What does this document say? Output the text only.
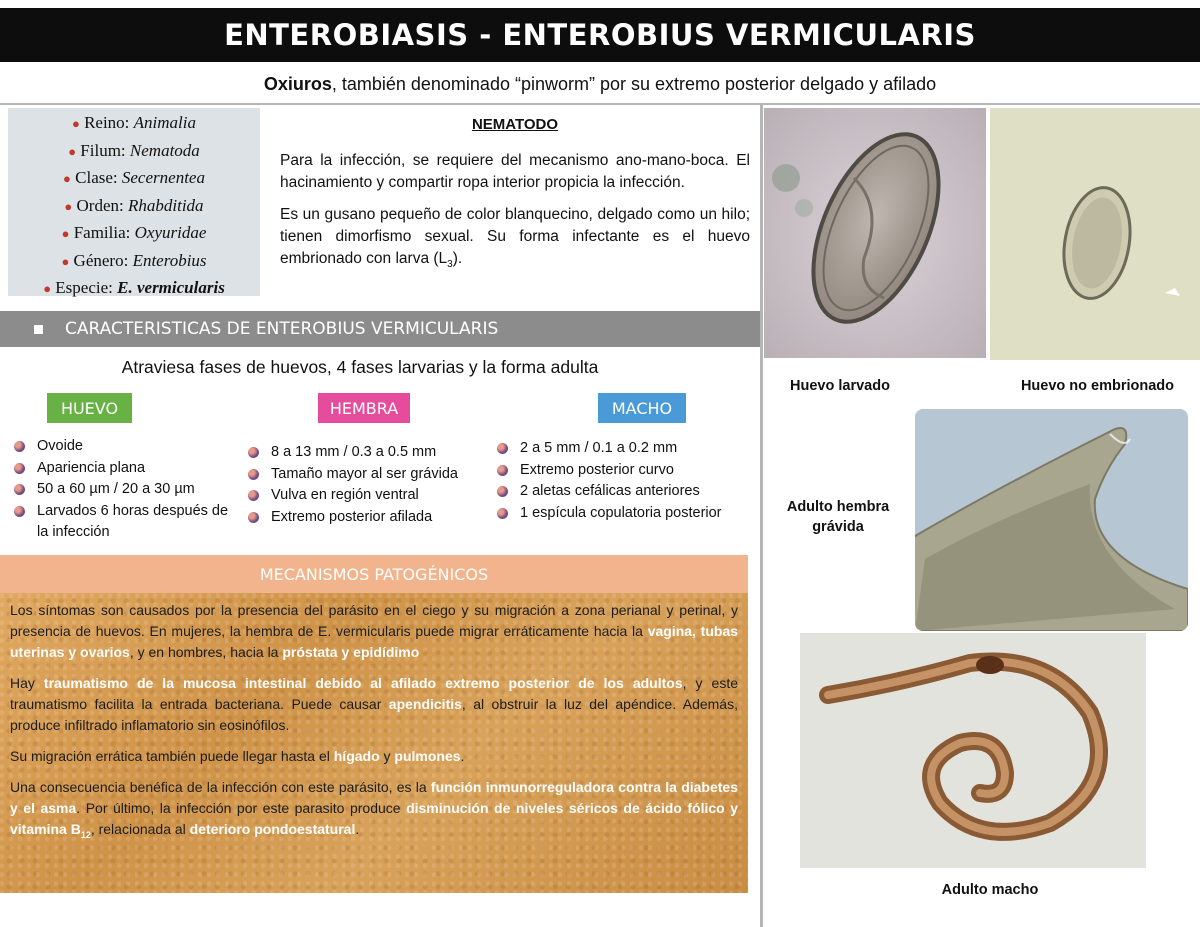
ENTEROBIASIS - ENTEROBIUS VERMICULARIS
Oxiuros, también denominado “pinworm” por su extremo posterior delgado y afilado
● Reino: Animalia
● Filum: Nematoda
● Clase: Secernentea
● Orden: Rhabditida
● Familia: Oxyuridae
● Género: Enterobius
● Especie: E. vermicularis
NEMATODO

Para la infección, se requiere del mecanismo ano-mano-boca. El hacinamiento y compartir ropa interior propicia la infección.

Es un gusano pequeño de color blanquecino, delgado como un hilo; tienen dimorfismo sexual. Su forma infectante es el huevo embrionado con larva $(L_3)$.

CARACTERISTICAS DE ENTEROBIUS VERMICULARIS
Atraviesa fases de huevos, 4 fases larvarias y la forma adulta
HUEVO	HEMBRA	MACHO
Ovoide
Apariencia plana
50 a 60 µm / 20 a 30 µm
Larvados 6 horas después de la infección
8 a 13 mm / 0.3 a 0.5 mm
Tamaño mayor al ser grávida
Vulva en región ventral
Extremo posterior afilada
2 a 5 mm / 0.1 a 0.2 mm
Extremo posterior curvo
2 aletas cefálicas anteriores
1 espícula copulatoria posterior
MECANISMOS PATOGÉNICOS

Los síntomas son causados por la presencia del parásito en el ciego y su migración a zona perianal y perinal, y presencia de huevos. En mujeres, la hembra de E. vermicularis puede migrar erráticamente hacia la vagina, tubas uterinas y ovarios, y en hombres, hacia la próstata y epidídimo

Hay traumatismo de la mucosa intestinal debido al afilado extremo posterior de los adultos, y este traumatismo facilita la entrada bacteriana. Puede causar apendicitis, al obstruir la luz del apéndice. Además, produce infiltrado inflamatorio sin eosinófilos.

Su migración errática también puede llegar hasta el hígado y pulmones.

Una consecuencia benéfica de la infección con este parásito, es la función inmunorreguladora contra la diabetes y el asma. Por último, la infección por este parasito produce disminución de niveles séricos de ácido fólico y vitamina $B_{12}$, relacionada al deterioro pondoestatural.

Huevo larvado	Huevo no embrionado
Adulto hembra grávida
Adulto macho
